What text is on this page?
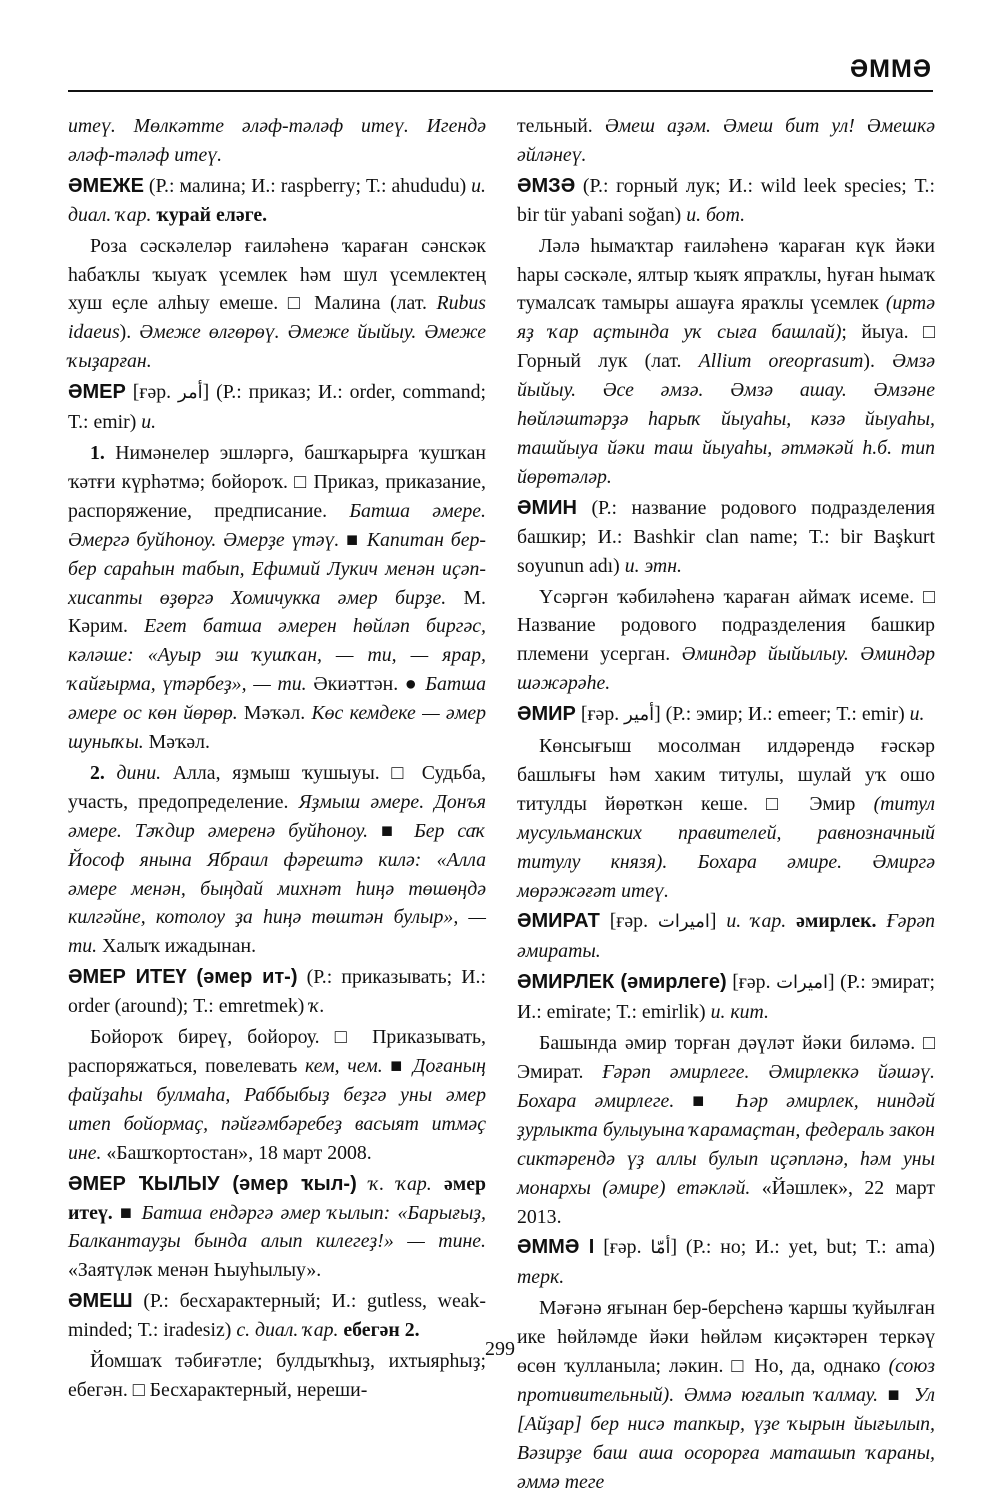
ӘММӘ

итеү. Мөлкәтте әләф-тәләф итеү. Игендә әләф-тәләф итеү.

ӘМЕЖЕ (Р.: малина; И.: raspberry; Т.: ahududu) и. диал. ҡар. ҡурай еләге.

Роза сәскәлеләр ғаиләһенә ҡараған сәнскәк һабаҡлы ҡыуаҡ үсемлек һәм шул үсемлектең хуш еҫле алһыу емеше. □ Малина (лат. Rubus idaeus). Әмеже өлгөрөү. Әмеже йыйыу. Әмеже ҡыҙарған.

ӘМЕР [ғәр. أمر] (Р.: приказ; И.: order, command; Т.: emir) и.

1. Нимәнелер эшләргә, башҡарырға ҡушҡан ҡәтғи күрһәтмә; бойороҡ. □ Приказ, приказание, распоряжение, предписание. Батша әмере. Әмергә буйһоноу. Әмерҙе үтәү. ■ Капитан бер-бер сараһын табып, Ефимий Лукич менән иҫәп-хисапты өҙөргә Хомичукка әмер бирҙе. М. Кәрим. Егет батша әмерен һөйләп биргәс, кәләше: «Ауыр эш ҡушҡан, — ти, — ярар, ҡайғырма, үтәрбеҙ», — ти. Әкиәттән. ● Батша әмере ос көн йөрөр. Мәҡәл. Көс кемдеке — әмер шуныҡы. Мәҡәл.

2. дини. Алла, яҙмыш ҡушыуы. □ Судьба, участь, предопределение. Яҙмыш әмере. Донъя әмере. Тәҡдир әмеренә буйһоноу. ■ Бер саҡ Йософ янына Ябраил фәрештә килә: «Алла әмере менән, быңдай михнәт һиңә төшөңдә килгәйне, котолоу ҙа һиңә төштән булыр», — ти. Халыҡ ижадынан.

ӘМЕР ИТЕҮ (әмер ит-) (Р.: приказывать; И.: order (around); Т.: emretmek) ҡ.

Бойороҡ биреү, бойороу. □ Приказывать, распоряжаться, повелевать кем, чем. ■ Доғаның файҙаһы булмаһа, Раббыбыҙ беҙгә уны әмер итеп бойормаҫ, пәйғәмбәребеҙ васыят итмәҫ ине. «Башҡортостан», 18 март 2008.

ӘМЕР ҠЫЛЫУ (әмер ҡыл-) ҡ. ҡар. әмер итеү. ■ Батша ендәргә әмер ҡылып: «Барығыҙ, Балкантауҙы бында алып килегеҙ!» — тине. «Заятүләк менән Һыуһылыу».

ӘМЕШ (Р.: бесхарактерный; И.: gutless, weak-minded; Т.: iradesiz) с. диал. ҡар. ебегән 2.

Йомшаҡ тәбиғәтле; булдыҡһыҙ, ихтыярһыҙ; ебегән. □ Бесхарактерный, нереши-

тельный. Әмеш аҙәм. Әмеш бит ул! Әмешкә әйләнеү.

ӘМЗӘ (Р.: горный лук; И.: wild leek species; Т.: bir tür yabani soğan) и. бот.

Ләлә һымаҡтар ғаиләһенә ҡараған күк йәки һары сәскәле, ялтыр ҡыяҡ япраҡлы, һуған һымаҡ тумалсаҡ тамыры ашауға яраҡлы үсемлек (иртә яҙ ҡар аҫтында уҡ сыға башлай); йыуа. □ Горный лук (лат. Allium oreoprasum). Әмзә йыйыу. Әсе әмзә. Әмзә ашау. Әмзәне һөйләштәрҙә һарыҡ йыуаһы, кәзә йыуаһы, ташйыуа йәки таш йыуаһы, әтмәкәй һ.б. тип йөрөтәләр.

ӘМИН (Р.: название родового подразделения башкир; И.: Bashkir clan name; Т.: bir Başkurt soyunun adı) и. этн.

Үсәргән ҡәбиләһенә ҡараған аймаҡ исеме. □ Название родового подразделения башкир племени усерган. Әминдәр йыйылыу. Әминдәр шәжәрәһе.

ӘМИР [ғәр. أمير] (Р.: эмир; И.: emeer; Т.: emir) и.

Көнсығыш мосолман илдәрендә ғәскәр башлығы һәм хаким титулы, шулай уҡ ошо титулды йөрөткән кеше. □ Эмир (титул мусульманских правителей, равнозначный титулу князя). Бохара әмире. Әмиргә мөрәжәғәт итеү.

ӘМИРАТ [ғәр. امیرات] и. ҡар. әмирлек. Ғәрәп әмираты.

ӘМИРЛЕК (әмирлеге) [ғәр. امیرات] (Р.: эмират; И.: emirate; Т.: emirlik) и. кит.

Башында әмир торған дәүләт йәки биләмә. □ Эмират. Ғәрәп әмирлеге. Әмирлеккә йәшәү. Бохара әмирлеге. ■ Һәр әмирлек, ниндәй ҙурлыкта булыуына ҡарамаҫтан, федераль закон сиктәрендә үҙ аллы булып иҫәпләнә, һәм уны монархы (әмире) етәкләй. «Йәшлек», 22 март 2013.

ӘММӘ I [ғәр. أمّا] (Р.: но; И.: yet, but; Т.: ama) терк.

Мәғәнә яғынан бер-берсһенә ҡаршы ҡуйылған ике һөйләмде йәки һөйләм киҫәктәрен теркәү өсөн ҡулланыла; ләкин. □ Но, да, однако (союз противительный). Әммә юғалып ҡалмау. ■ Ул [Айҙар] бер нисә тапкыр, үҙе ҡырын йығылып, Вәзирҙе баш аша осорорға маташып ҡараны, әммә теге

299
